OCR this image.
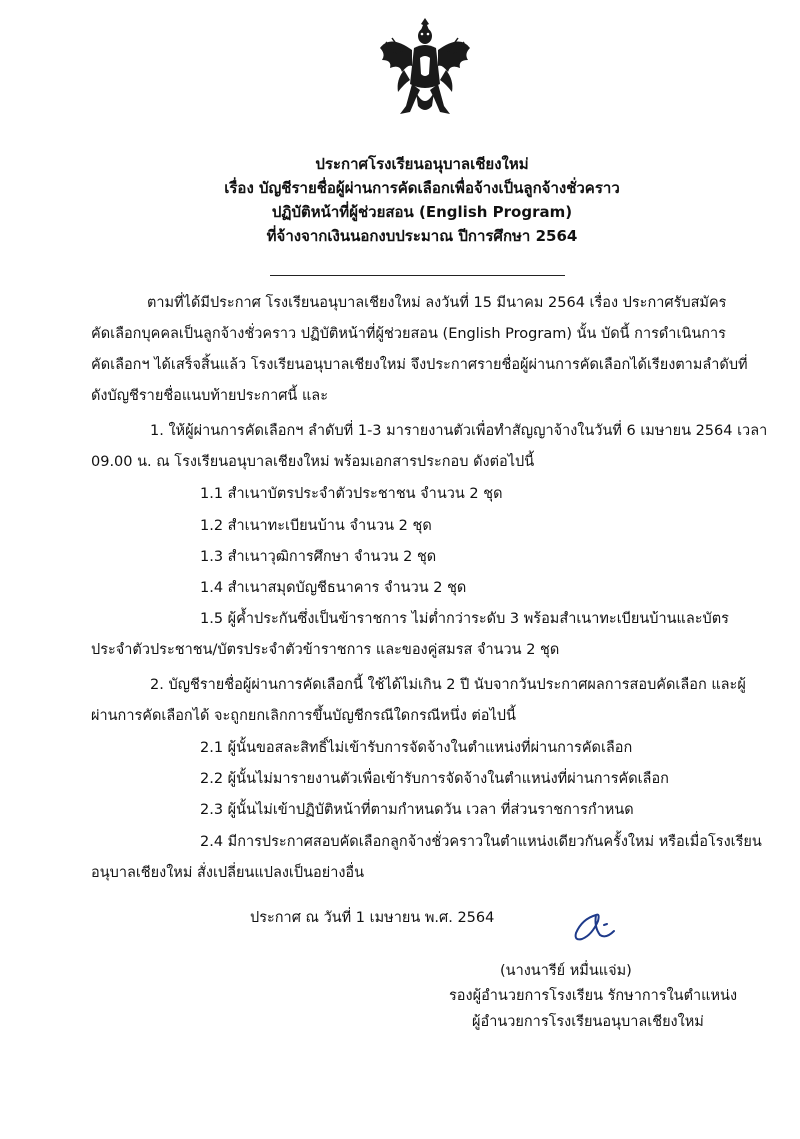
ประกาศโรงเรียนอนุบาลเชียงใหม่
เรื่อง บัญชีรายชื่อผู้ผ่านการคัดเลือกเพื่อจ้างเป็นลูกจ้างชั่วคราว
ปฏิบัติหน้าที่ผู้ช่วยสอน (English Program)
ที่จ้างจากเงินนอกงบประมาณ ปีการศึกษา 2564
ตามที่ได้มีประกาศ โรงเรียนอนุบาลเชียงใหม่ ลงวันที่ 15 มีนาคม 2564 เรื่อง ประกาศรับสมัคร
คัดเลือกบุคคลเป็นลูกจ้างชั่วคราว ปฏิบัติหน้าที่ผู้ช่วยสอน (English Program) นั้น บัดนี้ การดำเนินการ
คัดเลือกฯ ได้เสร็จสิ้นแล้ว โรงเรียนอนุบาลเชียงใหม่ จึงประกาศรายชื่อผู้ผ่านการคัดเลือกได้เรียงตามลำดับที่
ดังบัญชีรายชื่อแนบท้ายประกาศนี้ และ
1. ให้ผู้ผ่านการคัดเลือกฯ ลำดับที่ 1-3 มารายงานตัวเพื่อทำสัญญาจ้างในวันที่ 6 เมษายน 2564 เวลา
09.00 น. ณ โรงเรียนอนุบาลเชียงใหม่ พร้อมเอกสารประกอบ ดังต่อไปนี้
1.1 สำเนาบัตรประจำตัวประชาชน จำนวน 2 ชุด
1.2 สำเนาทะเบียนบ้าน จำนวน 2 ชุด
1.3 สำเนาวุฒิการศึกษา จำนวน 2 ชุด
1.4 สำเนาสมุดบัญชีธนาคาร จำนวน 2 ชุด
1.5 ผู้ค้ำประกันซึ่งเป็นข้าราชการ ไม่ต่ำกว่าระดับ 3 พร้อมสำเนาทะเบียนบ้านและบัตร
ประจำตัวประชาชน/บัตรประจำตัวข้าราชการ และของคู่สมรส จำนวน 2 ชุด
2. บัญชีรายชื่อผู้ผ่านการคัดเลือกนี้ ใช้ได้ไม่เกิน 2 ปี นับจากวันประกาศผลการสอบคัดเลือก และผู้
ผ่านการคัดเลือกได้ จะถูกยกเลิกการขึ้นบัญชีกรณีใดกรณีหนึ่ง ต่อไปนี้
2.1 ผู้นั้นขอสละสิทธิ์ไม่เข้ารับการจัดจ้างในตำแหน่งที่ผ่านการคัดเลือก
2.2 ผู้นั้นไม่มารายงานตัวเพื่อเข้ารับการจัดจ้างในตำแหน่งที่ผ่านการคัดเลือก
2.3 ผู้นั้นไม่เข้าปฏิบัติหน้าที่ตามกำหนดวัน เวลา ที่ส่วนราชการกำหนด
2.4 มีการประกาศสอบคัดเลือกลูกจ้างชั่วคราวในตำแหน่งเดียวกันครั้งใหม่ หรือเมื่อโรงเรียน
อนุบาลเชียงใหม่ สั่งเปลี่ยนแปลงเป็นอย่างอื่น
ประกาศ ณ วันที่ 1 เมษายน พ.ศ. 2564
(นางนารีย์ หมื่นแจ่ม)
รองผู้อำนวยการโรงเรียน รักษาการในตำแหน่ง
ผู้อำนวยการโรงเรียนอนุบาลเชียงใหม่
